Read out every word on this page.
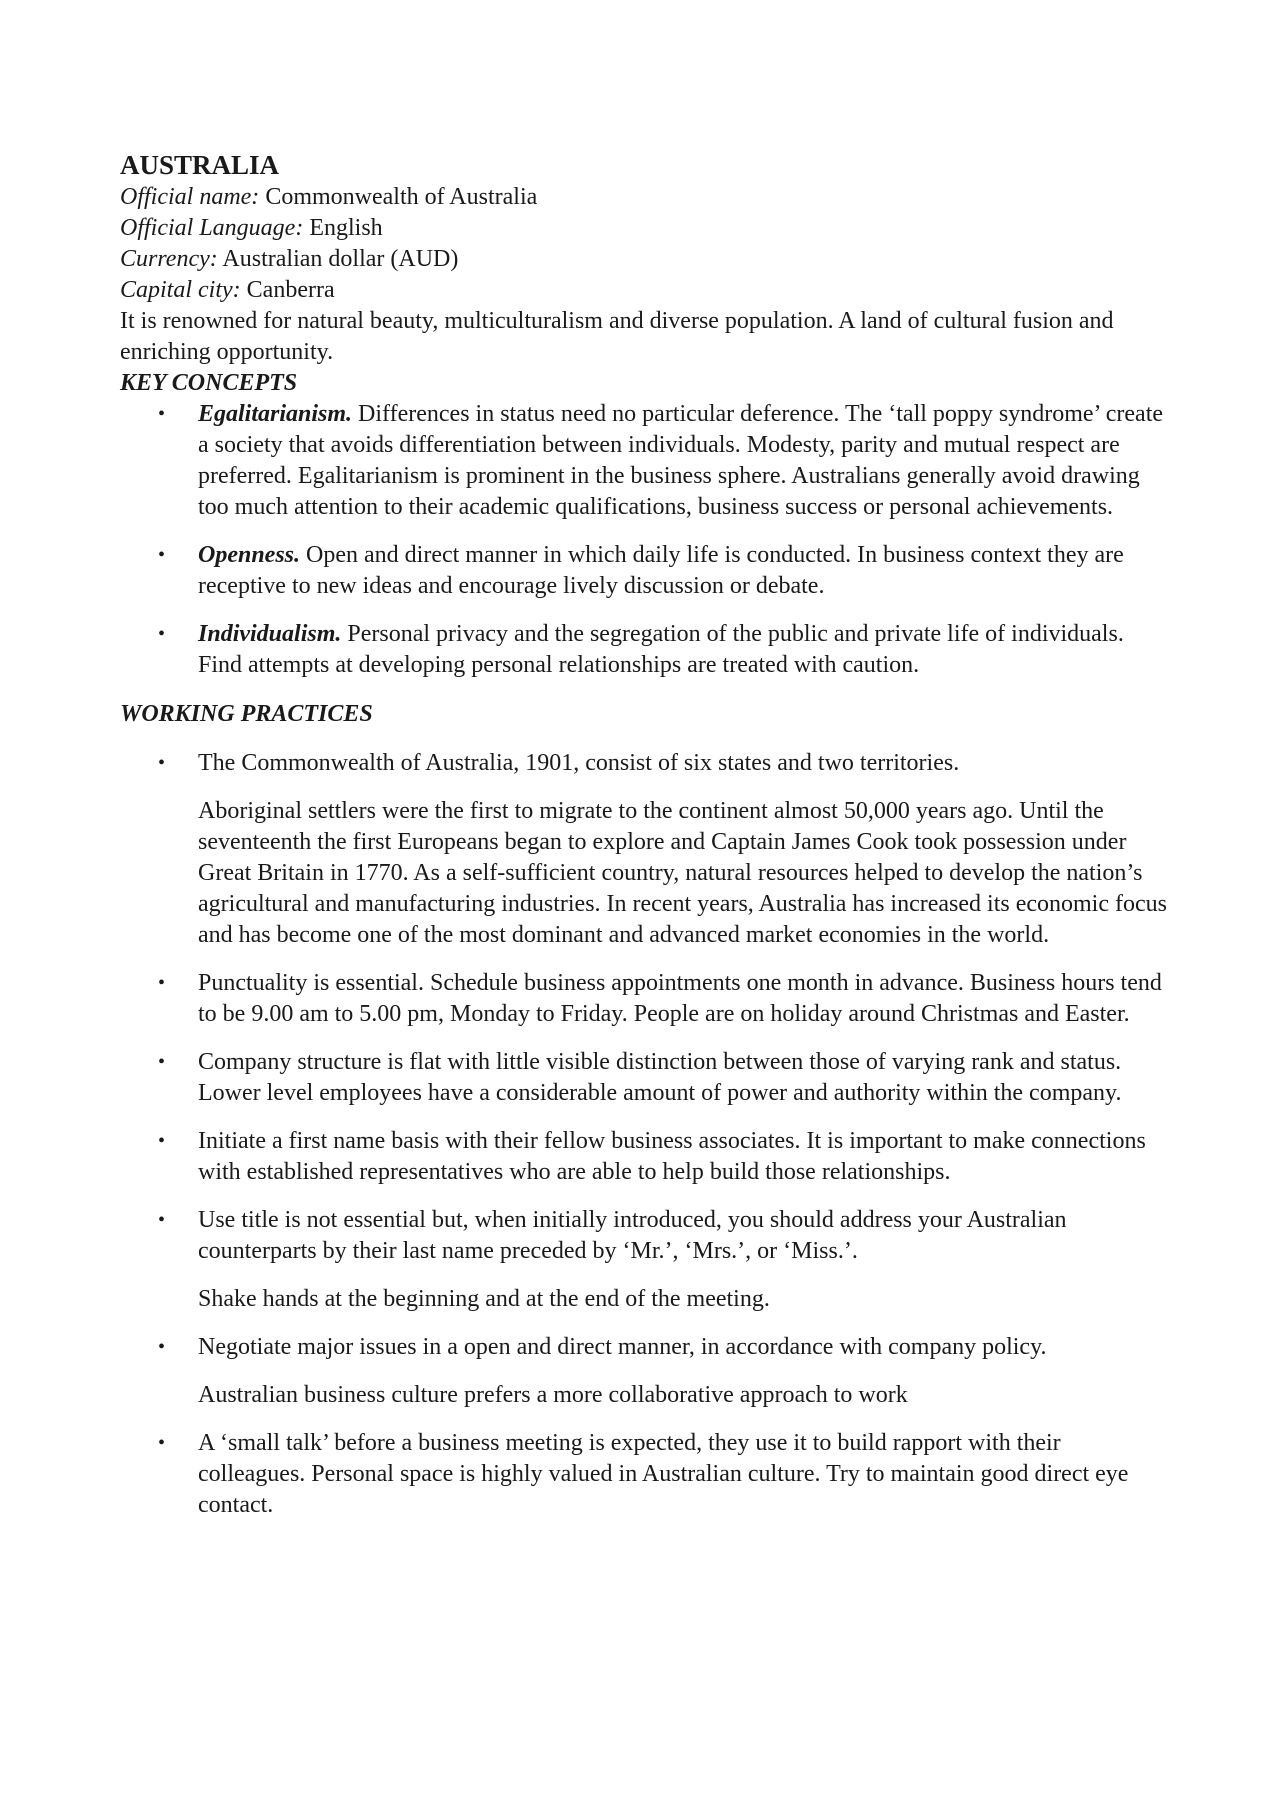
AUSTRALIA

Official name: Commonwealth of Australia

Official Language: English

Currency: Australian dollar (AUD)

Capital city: Canberra

It is renowned for natural beauty, multiculturalism and diverse population. A land of cultural fusion and enriching opportunity.

KEY CONCEPTS

• Egalitarianism. Differences in status need no particular deference. The ‘tall poppy syndrome’ create a society that avoids differentiation between individuals. Modesty, parity and mutual respect are preferred. Egalitarianism is prominent in the business sphere. Australians generally avoid drawing too much attention to their academic qualifications, business success or personal achievements.
• Openness. Open and direct manner in which daily life is conducted. In business context they are receptive to new ideas and encourage lively discussion or debate.
• Individualism. Personal privacy and the segregation of the public and private life of individuals. Find attempts at developing personal relationships are treated with caution.

WORKING PRACTICES

• The Commonwealth of Australia, 1901, consist of six states and two territories.

Aboriginal settlers were the first to migrate to the continent almost 50,000 years ago. Until the seventeenth the first Europeans began to explore and Captain James Cook took possession under Great Britain in 1770. As a self-sufficient country, natural resources helped to develop the nation’s agricultural and manufacturing industries. In recent years, Australia has increased its economic focus and has become one of the most dominant and advanced market economies in the world.

• Punctuality is essential. Schedule business appointments one month in advance. Business hours tend to be 9.00 am to 5.00 pm, Monday to Friday. People are on holiday around Christmas and Easter.
• Company structure is flat with little visible distinction between those of varying rank and status. Lower level employees have a considerable amount of power and authority within the company.
• Initiate a first name basis with their fellow business associates. It is important to make connections with established representatives who are able to help build those relationships.
• Use title is not essential but, when initially introduced, you should address your Australian counterparts by their last name preceded by ‘Mr.’, ‘Mrs.’, or ‘Miss.’.

Shake hands at the beginning and at the end of the meeting.

• Negotiate major issues in a open and direct manner, in accordance with company policy.

Australian business culture prefers a more collaborative approach to work

• A ‘small talk’ before a business meeting is expected, they use it to build rapport with their colleagues. Personal space is highly valued in Australian culture. Try to maintain good direct eye contact.
